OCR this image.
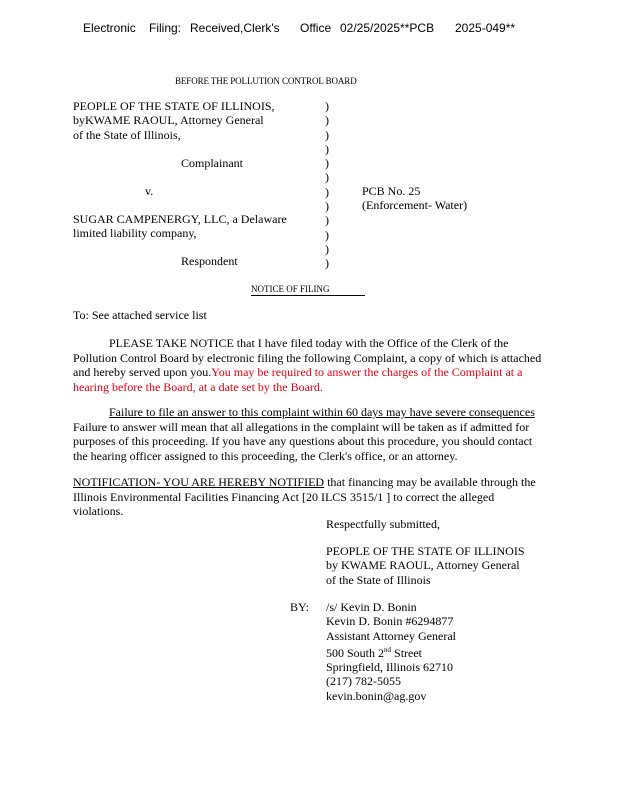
Electronic Filing: Received,Clerk's Office 02/25/2025**PCB 2025-049**
BEFORE THE POLLUTION CONTROL BOARD
PEOPLE OF THE STATE OF ILLINOIS,
byKWAME RAOUL, Attorney General
of the State of Illinois,
Complainant
v.
SUGAR CAMPENERGY, LLC, a Delaware
limited liability company,
Respondent
)
)
)
)
)
)
)
)
)
)
)
)
PCB No. 25
(Enforcement- Water)
NOTICE OF FILING
To: See attached service list
PLEASE TAKE NOTICE that I have filed today with the Office of the Clerk of the
Pollution Control Board by electronic filing the following Complaint, a copy of which is attached
and hereby served upon you.You may be required to answer the charges of the Complaint at a
hearing before the Board, at a date set by the Board.
Failure to file an answer to this complaint within 60 days may have severe consequences
Failure to answer will mean that all allegations in the complaint will be taken as if admitted for
purposes of this proceeding. If you have any questions about this procedure, you should contact
the hearing officer assigned to this proceeding, the Clerk's office, or an attorney.
NOTIFICATION- YOU ARE HEREBY NOTIFIED that financing may be available through the
Illinois Environmental Facilities Financing Act [20 ILCS 3515/1 ] to correct the alleged
violations.
Respectfully submitted,
PEOPLE OF THE STATE OF ILLINOIS
by KWAME RAOUL, Attorney General
of the State of Illinois
BY: /s/ Kevin D. Bonin
Kevin D. Bonin #6294877
Assistant Attorney General
500 South 2nd Street
Springfield, Illinois 62710
(217) 782-5055
kevin.bonin@ag.gov
